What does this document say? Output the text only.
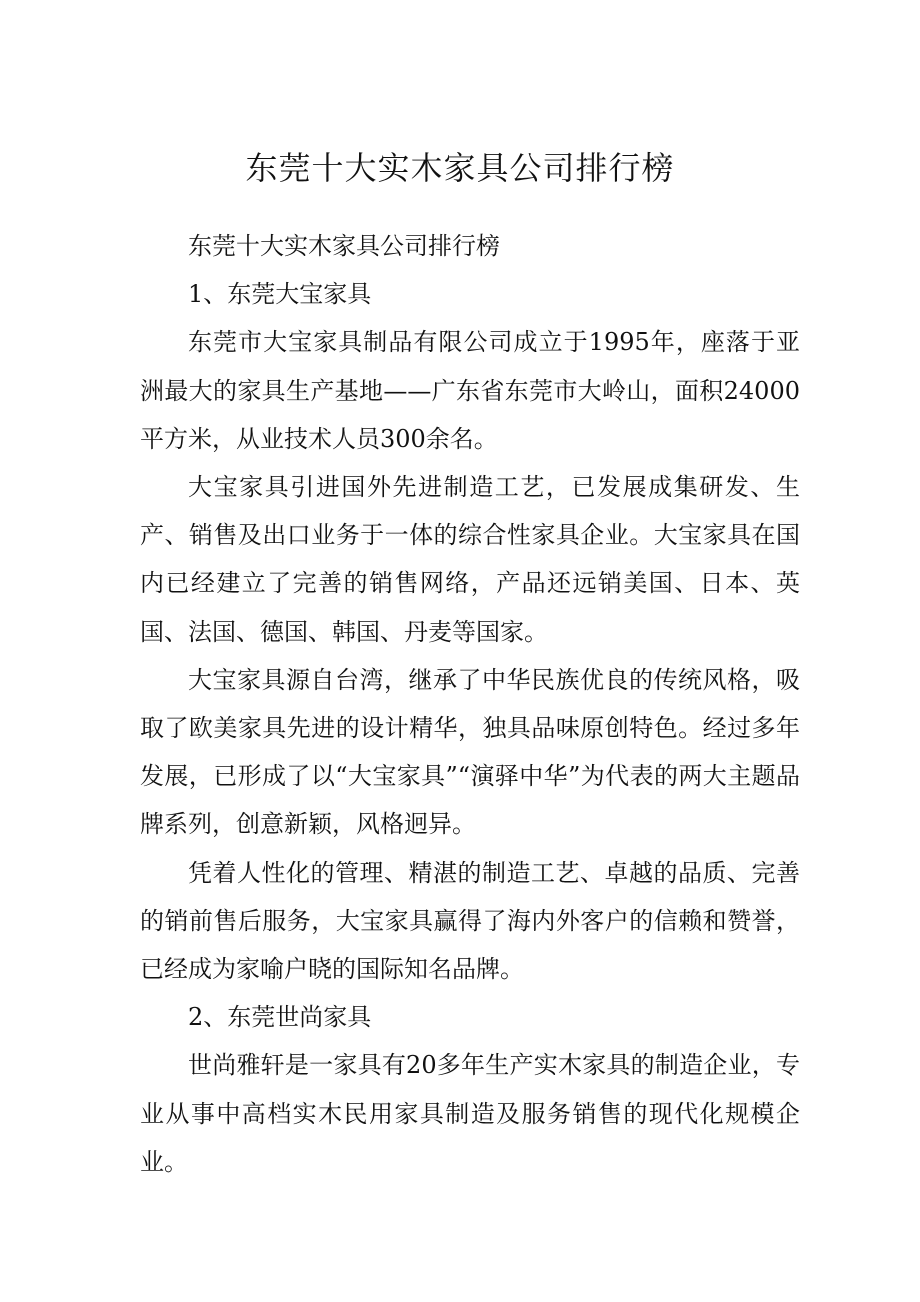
东莞十大实木家具公司排行榜

东莞十大实木家具公司排行榜

1、东莞大宝家具

东莞市大宝家具制品有限公司成立于1995年，座落于亚洲最大的家具生产基地——广东省东莞市大岭山，面积24000平方米，从业技术人员300余名。

大宝家具引进国外先进制造工艺，已发展成集研发、生产、销售及出口业务于一体的综合性家具企业。大宝家具在国内已经建立了完善的销售网络，产品还远销美国、日本、英国、法国、德国、韩国、丹麦等国家。

大宝家具源自台湾，继承了中华民族优良的传统风格，吸取了欧美家具先进的设计精华，独具品味原创特色。经过多年发展，已形成了以“大宝家具”“演驿中华”为代表的两大主题品牌系列，创意新颖，风格迥异。

凭着人性化的管理、精湛的制造工艺、卓越的品质、完善的销前售后服务，大宝家具赢得了海内外客户的信赖和赞誉，已经成为家喻户晓的国际知名品牌。

2、东莞世尚家具

世尚雅轩是一家具有20多年生产实木家具的制造企业，专业从事中高档实木民用家具制造及服务销售的现代化规模企业。
